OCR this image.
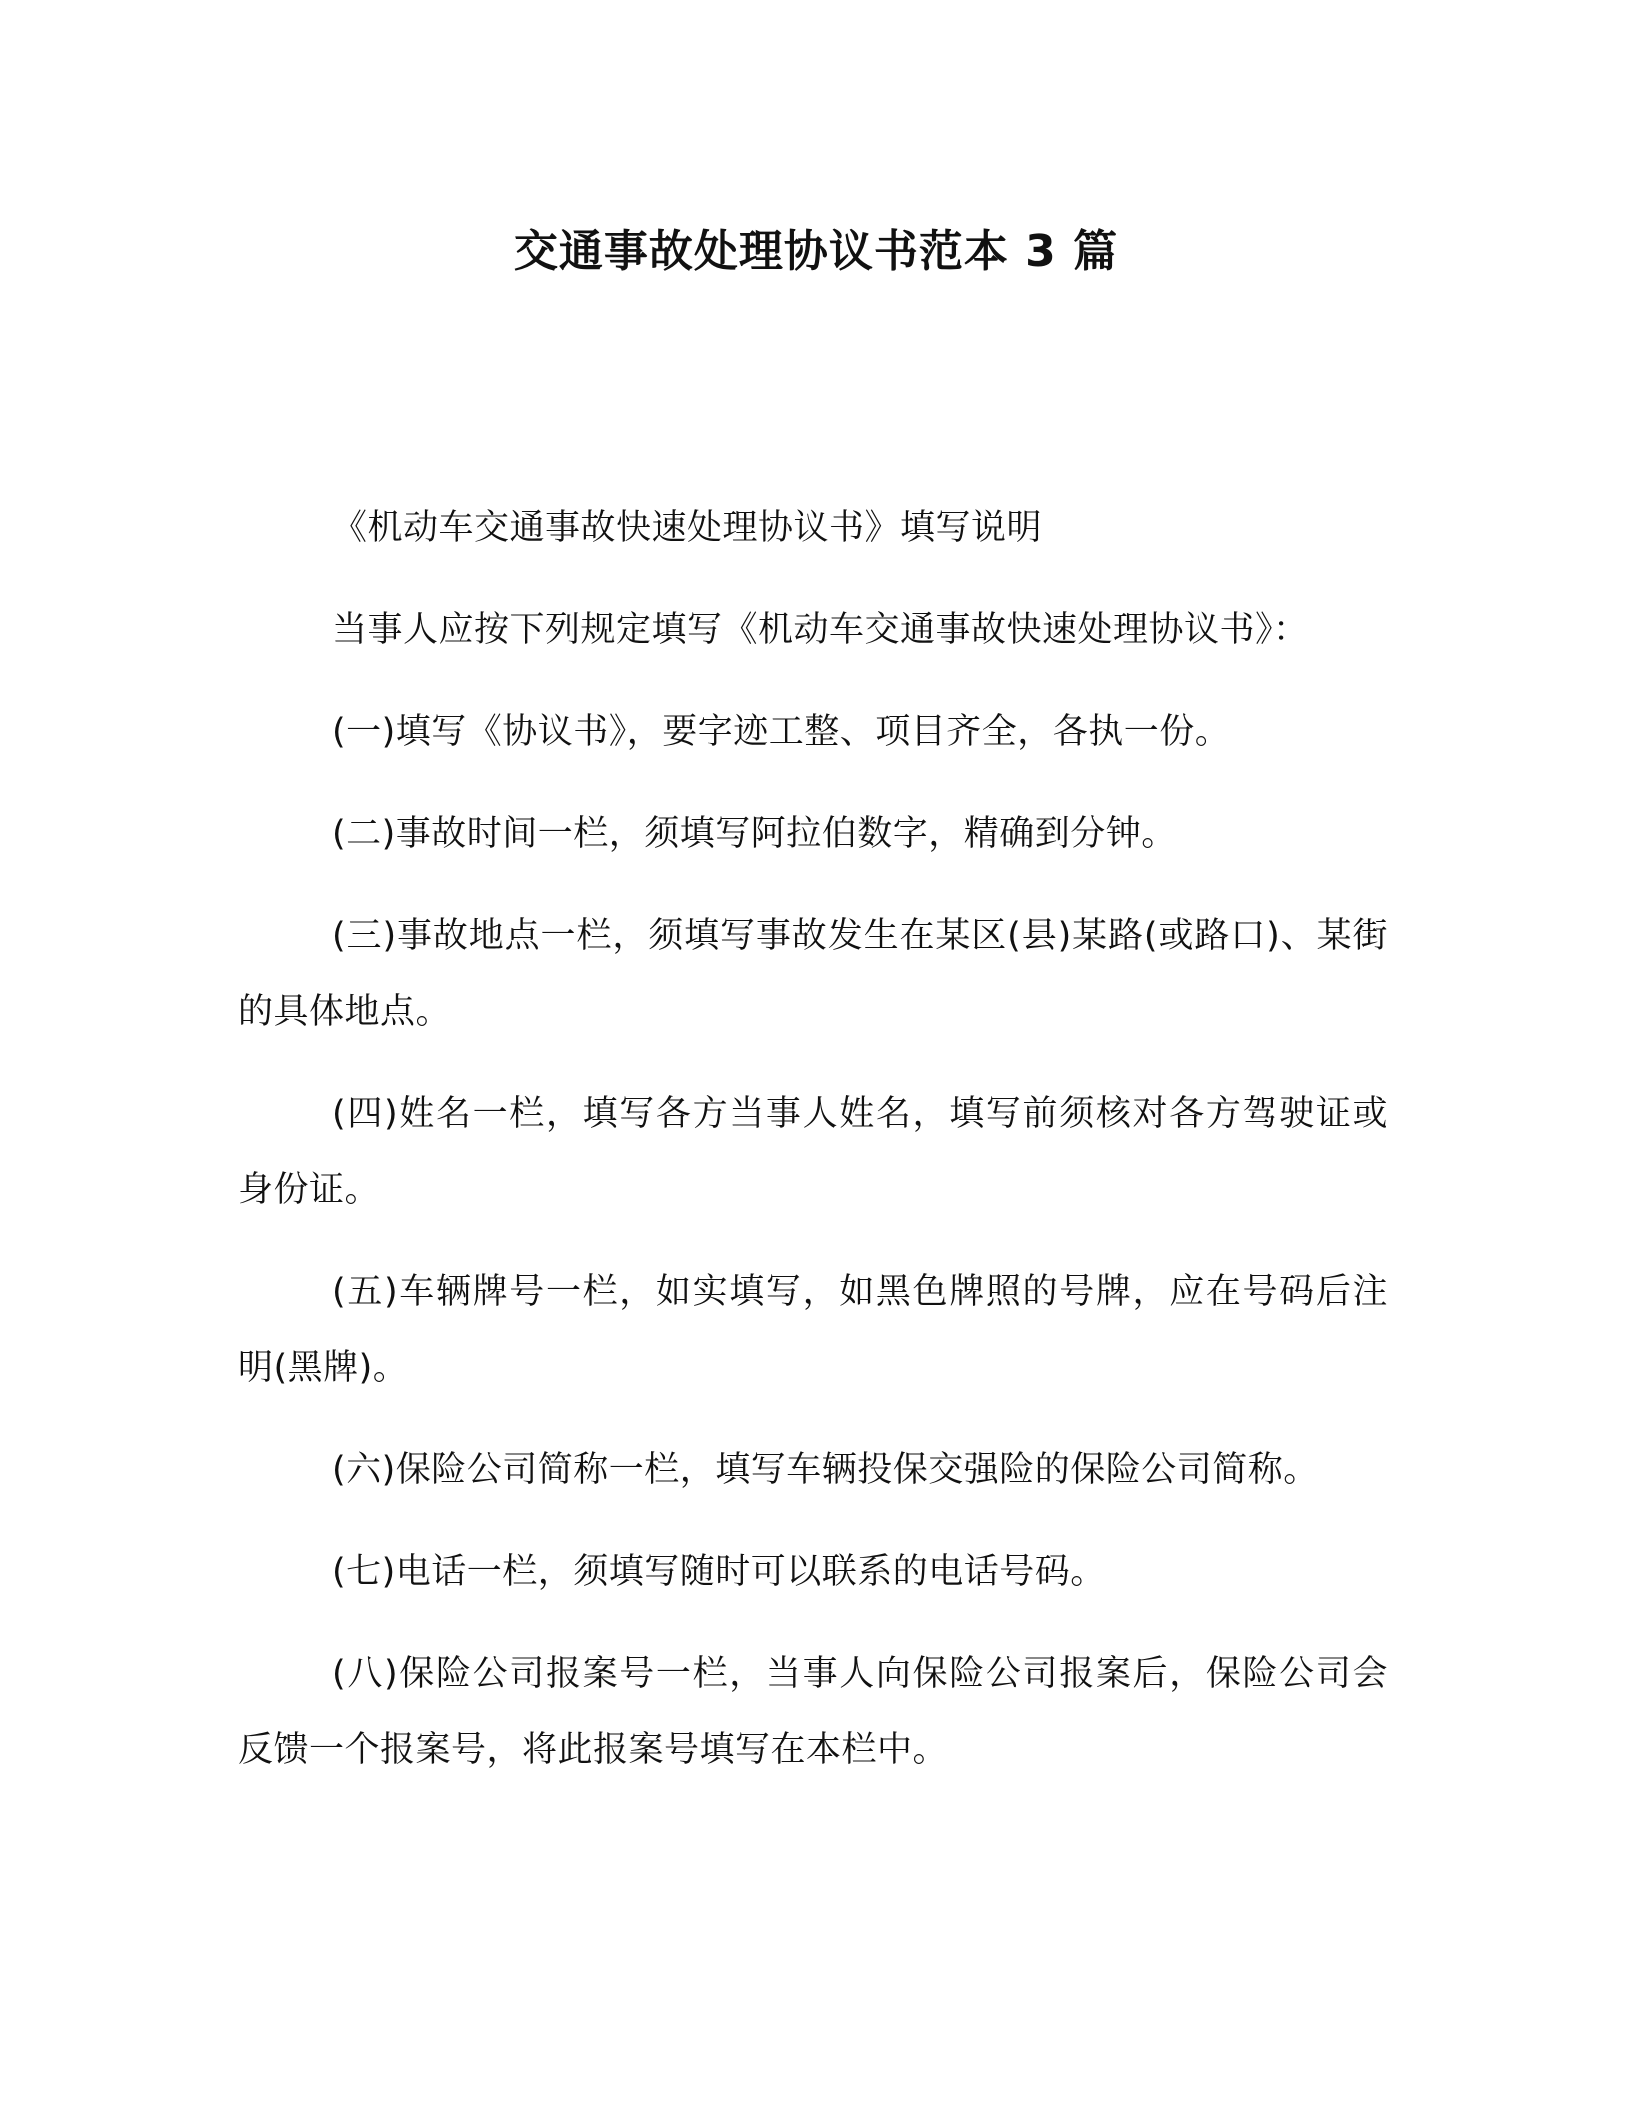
交通事故处理协议书范本 3 篇

《机动车交通事故快速处理协议书》填写说明

当事人应按下列规定填写《机动车交通事故快速处理协议书》：

(一)填写《协议书》，要字迹工整、项目齐全，各执一份。

(二)事故时间一栏，须填写阿拉伯数字，精确到分钟。

(三)事故地点一栏，须填写事故发生在某区(县)某路(或路口)、某街的具体地点。

(四)姓名一栏，填写各方当事人姓名，填写前须核对各方驾驶证或身份证。

(五)车辆牌号一栏，如实填写，如黑色牌照的号牌，应在号码后注明(黑牌)。

(六)保险公司简称一栏，填写车辆投保交强险的保险公司简称。

(七)电话一栏，须填写随时可以联系的电话号码。

(八)保险公司报案号一栏，当事人向保险公司报案后，保险公司会反馈一个报案号，将此报案号填写在本栏中。
